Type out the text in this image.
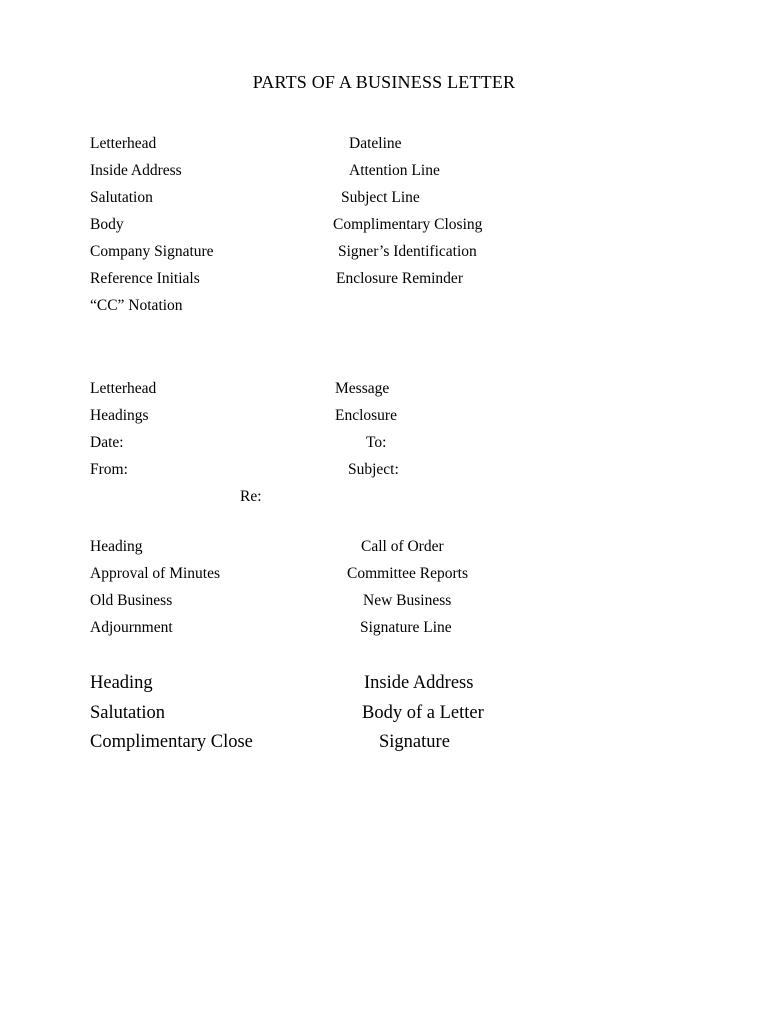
PARTS OF A BUSINESS LETTER
Letterhead
Inside Address
Salutation
Body
Company Signature
Reference Initials
“CC” Notation
Dateline
Attention Line
Subject Line
Complimentary Closing
Signer’s Identification
Enclosure Reminder
Letterhead
Headings
Date:
From:
Message
Enclosure
To:
Subject:
Re:
Heading
Approval of Minutes
Old Business
Adjournment
Call of Order
Committee Reports
New Business
Signature Line
Heading
Salutation
Complimentary Close
Inside Address
Body of a Letter
Signature
